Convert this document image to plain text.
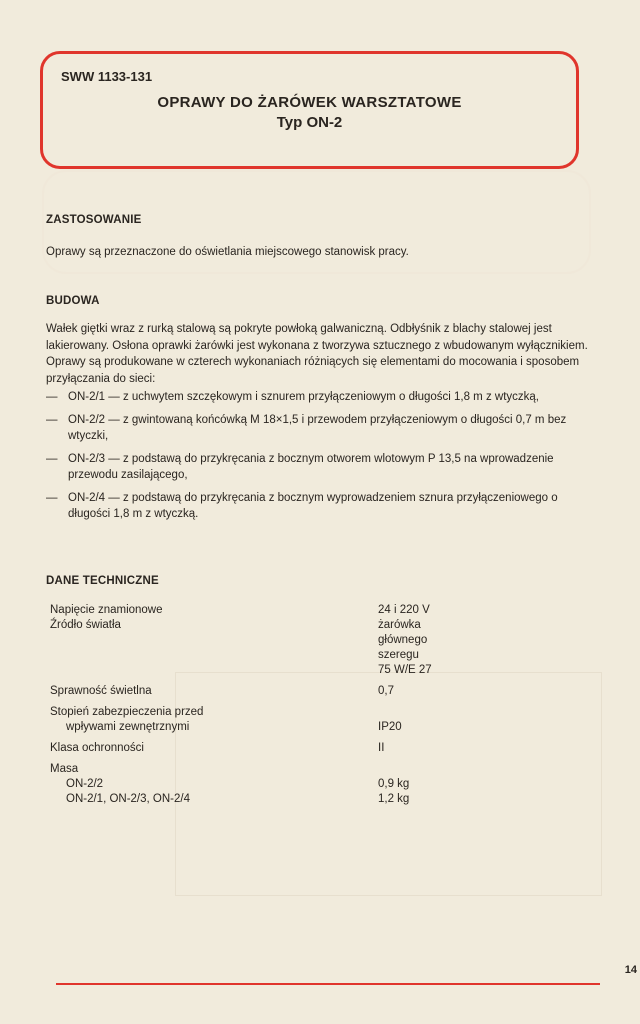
SWW 1133-131
OPRAWY DO ŻARÓWEK WARSZTATOWE
Typ ON-2
ZASTOSOWANIE
Oprawy są przeznaczone do oświetlania miejscowego stanowisk pracy.
BUDOWA
Wałek giętki wraz z rurką stalową są pokryte powłoką galwaniczną. Odbłyśnik z blachy stalowej jest lakierowany. Osłona oprawki żarówki jest wykonana z tworzywa sztucznego z wbudowanym wyłącznikiem. Oprawy są produkowane w czterech wykonaniach różniących się elementami do mocowania i sposobem przyłączania do sieci:
— ON-2/1 — z uchwytem szczękowym i sznurem przyłączeniowym o długości 1,8 m z wtyczką,
— ON-2/2 — z gwintowaną końcówką M 18×1,5 i przewodem przyłączeniowym o długości 0,7 m bez wtyczki,
— ON-2/3 — z podstawą do przykręcania z bocznym otworem wlotowym P 13,5 na wprowadzenie przewodu zasilającego,
— ON-2/4 — z podstawą do przykręcania z bocznym wyprowadzeniem sznura przyłączeniowego o długości 1,8 m z wtyczką.
DANE TECHNICZNE
Napięcie znamionowe	24 i 220 V
Źródło światła	żarówka głównego szeregu
	75 W/E 27
Sprawność świetlna	0,7
Stopień zabezpieczenia przed	
wpływami zewnętrznymi	IP20
Klasa ochronności	II
Masa	
ON-2/2	0,9 kg
ON-2/1, ON-2/3, ON-2/4	1,2 kg
14
